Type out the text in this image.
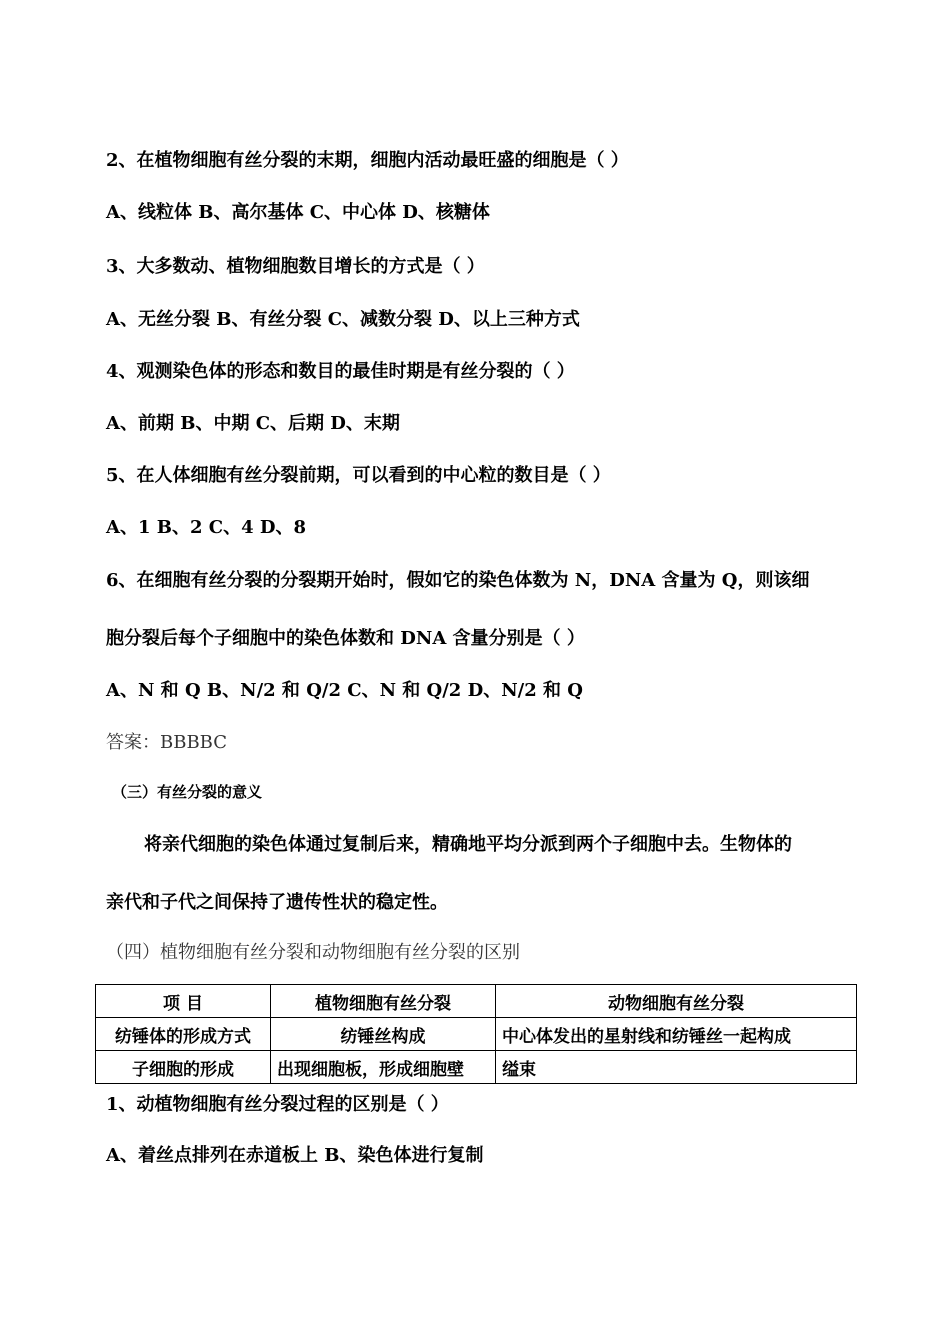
2、在植物细胞有丝分裂的末期，细胞内活动最旺盛的细胞是（ ）
A、线粒体 B、高尔基体 C、中心体 D、核糖体
3、大多数动、植物细胞数目增长的方式是（ ）
A、无丝分裂 B、有丝分裂 C、减数分裂 D、以上三种方式
4、观测染色体的形态和数目的最佳时期是有丝分裂的（ ）
A、前期 B、中期 C、后期 D、末期
5、在人体细胞有丝分裂前期，可以看到的中心粒的数目是（ ）
A、1 B、2 C、4 D、8
6、在细胞有丝分裂的分裂期开始时，假如它的染色体数为 N，DNA 含量为 Q，则该细
胞分裂后每个子细胞中的染色体数和 DNA 含量分别是（ ）
A、N 和 Q B、N/2 和 Q/2 C、N 和 Q/2 D、N/2 和 Q
答案：BBBBC
（三）有丝分裂的意义
将亲代细胞的染色体通过复制后来，精确地平均分派到两个子细胞中去。生物体的
亲代和子代之间保持了遗传性状的稳定性。
（四）植物细胞有丝分裂和动物细胞有丝分裂的区别
项 目	植物细胞有丝分裂	动物细胞有丝分裂
纺锤体的形成方式	纺锤丝构成	中心体发出的星射线和纺锤丝一起构成
子细胞的形成	出现细胞板，形成细胞壁	缢束
1、动植物细胞有丝分裂过程的区别是（ ）
A、着丝点排列在赤道板上 B、染色体进行复制
